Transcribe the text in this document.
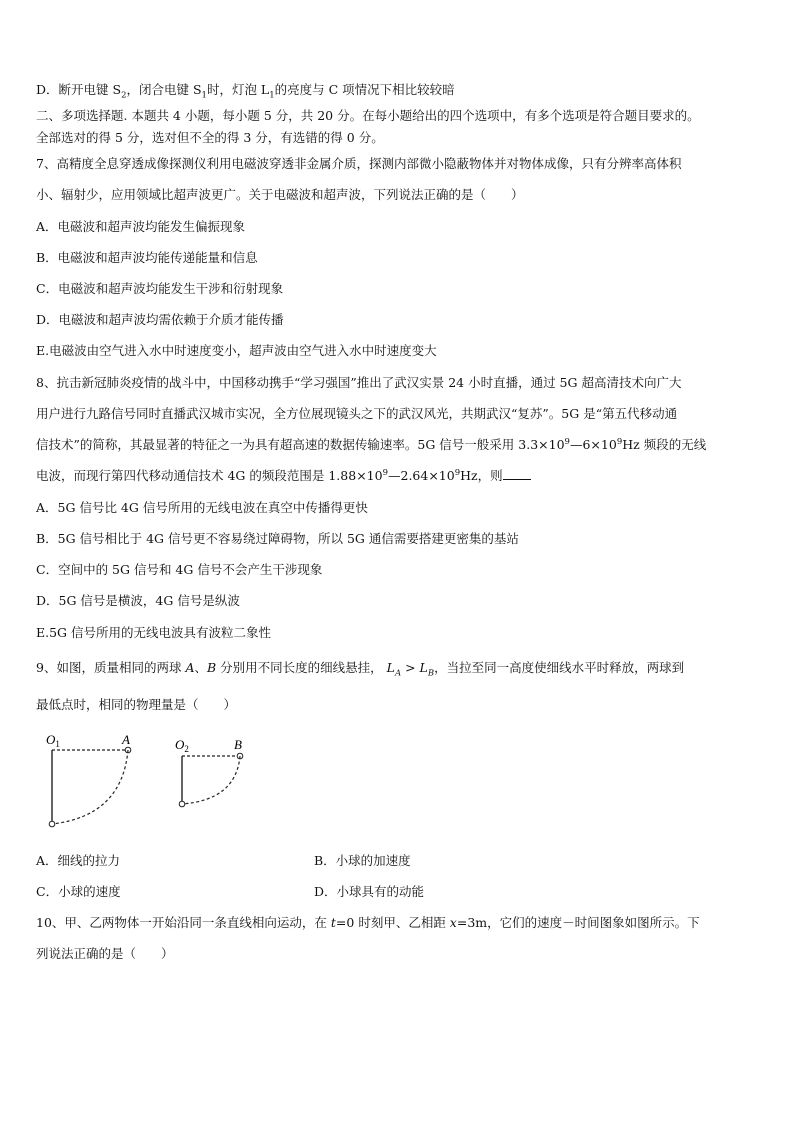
D．断开电键 $S_2$，闭合电键 $S_1$时，灯泡 $L_1$的亮度与 C 项情况下相比较较暗
二、多项选择题. 本题共 4 小题，每小题 5 分，共 20 分。在每小题给出的四个选项中，有多个选项是符合题目要求的。
全部选对的得 5 分，选对但不全的得 3 分，有选错的得 0 分。
7、高精度全息穿透成像探测仪利用电磁波穿透非金属介质，探测内部微小隐蔽物体并对物体成像，只有分辨率高体积
小、辐射少，应用领域比超声波更广。关于电磁波和超声波，下列说法正确的是（　　）
A．电磁波和超声波均能发生偏振现象
B．电磁波和超声波均能传递能量和信息
C．电磁波和超声波均能发生干涉和衍射现象
D．电磁波和超声波均需依赖于介质才能传播
E.电磁波由空气进入水中时速度变小，超声波由空气进入水中时速度变大
8、抗击新冠肺炎疫情的战斗中，中国移动携手“学习强国”推出了武汉实景 24 小时直播，通过 5G 超高清技术向广大
用户进行九路信号同时直播武汉城市实况，全方位展现镜头之下的武汉风光，共期武汉“复苏”。5G 是“第五代移动通
信技术”的简称，其最显著的特征之一为具有超高速的数据传输速率。5G 信号一般采用 $3.3\times 10^9—6\times 10^9Hz$ 频段的无线
电波，而现行第四代移动通信技术 4G 的频段范围是 $1.88\times 10^9—2.64\times 10^9Hz$，则
A．5G 信号比 4G 信号所用的无线电波在真空中传播得更快
B．5G 信号相比于 4G 信号更不容易绕过障碍物，所以 5G 通信需要搭建更密集的基站
C．空间中的 5G 信号和 4G 信号不会产生干涉现象
D．5G 信号是横波，4G 信号是纵波
E.5G 信号所用的无线电波具有波粒二象性
9、如图，质量相同的两球 A、B 分别用不同长度的细线悬挂， $L_A > L_B$，当拉至同一高度使细线水平时释放，两球到
最低点时，相同的物理量是（　　）
$O_1$	A	$O_2$	B
A．细线的拉力	B．小球的加速度
C．小球的速度	D．小球具有的动能
10、甲、乙两物体一开始沿同一条直线相向运动，在 t=0 时刻甲、乙相距 x=3m，它们的速度－时间图象如图所示。下
列说法正确的是（　　）
